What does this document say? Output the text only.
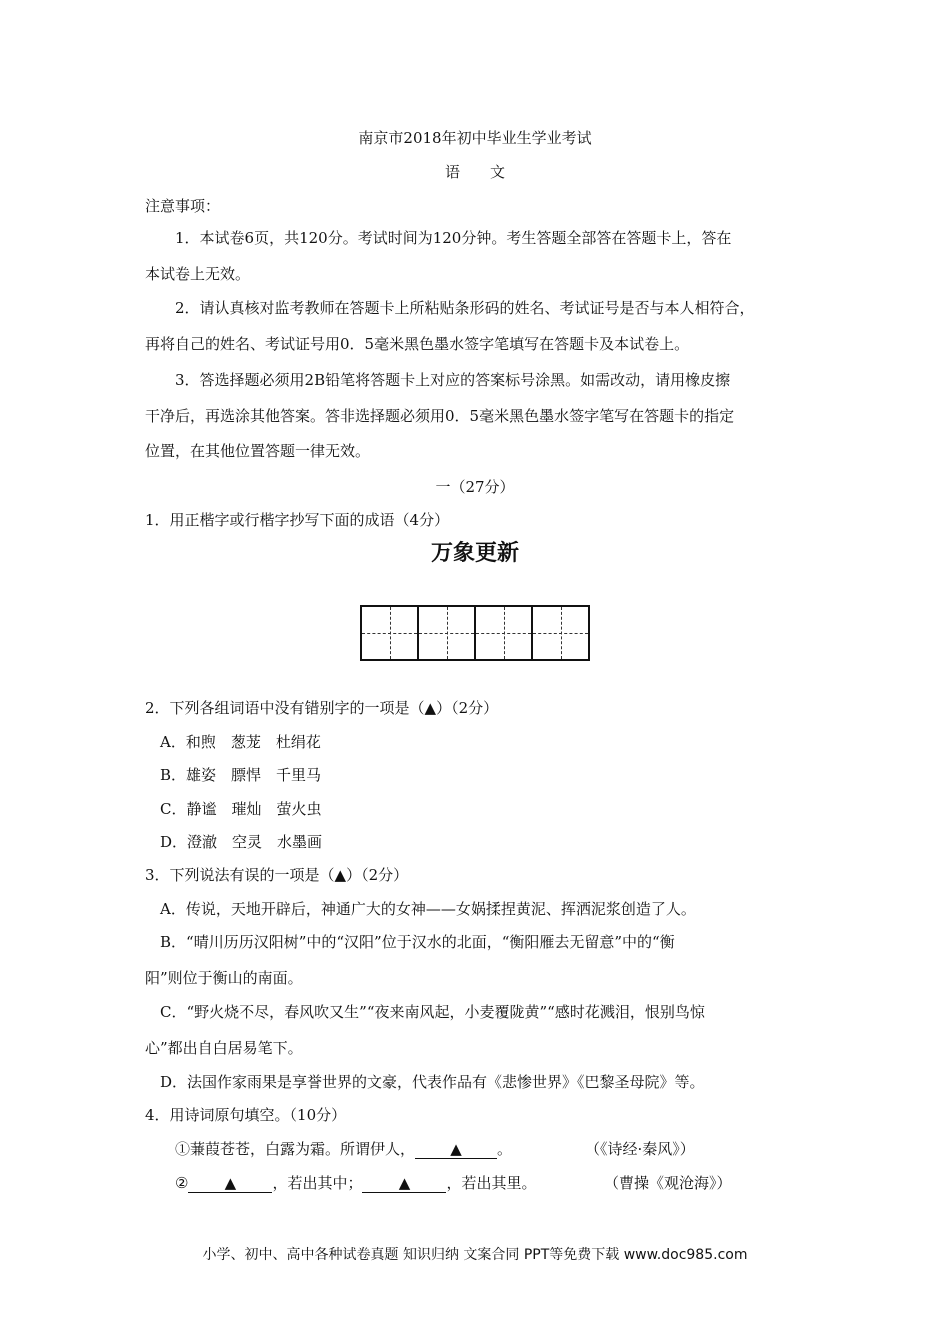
南京市2018年初中毕业生学业考试
语　　文
注意事项：
1．本试卷6页，共120分。考试时间为120分钟。考生答题全部答在答题卡上，答在
本试卷上无效。
2．请认真核对监考教师在答题卡上所粘贴条形码的姓名、考试证号是否与本人相符合，
再将自己的姓名、考试证号用0．5毫米黑色墨水签字笔填写在答题卡及本试卷上。
3．答选择题必须用2B铅笔将答题卡上对应的答案标号涂黑。如需改动，请用橡皮擦
干净后，再选涂其他答案。答非选择题必须用0．5毫米黑色墨水签字笔写在答题卡的指定
位置，在其他位置答题一律无效。
一（27分）
1．用正楷字或行楷字抄写下面的成语（4分）
万象更新
2．下列各组词语中没有错别字的一项是（▲）（2分）
A．和煦　葱茏　杜绢花
B．雄姿　膘悍　千里马
C．静谧　璀灿　萤火虫
D．澄澈　空灵　水墨画
3．下列说法有误的一项是（▲）（2分）
A．传说，天地开辟后，神通广大的女神——女娲揉捏黄泥、挥洒泥浆创造了人。
B．“晴川历历汉阳树”中的“汉阳”位于汉水的北面，“衡阳雁去无留意”中的“衡
阳”则位于衡山的南面。
C．“野火烧不尽，春风吹又生”“夜来南风起，小麦覆陇黄”“感时花溅泪，恨别鸟惊
心”都出自白居易笔下。
D．法国作家雨果是享誉世界的文豪，代表作品有《悲惨世界》《巴黎圣母院》等。
4．用诗词原句填空。（10分）
①蒹葭苍苍，白露为霜。所谓伊人， ▲ 。	（《诗经·秦风》）
② ▲ ，若出其中； ▲ ，若出其里。	（曹操《观沧海》）
小学、初中、高中各种试卷真题 知识归纳 文案合同 PPT等免费下载 www.doc985.com
